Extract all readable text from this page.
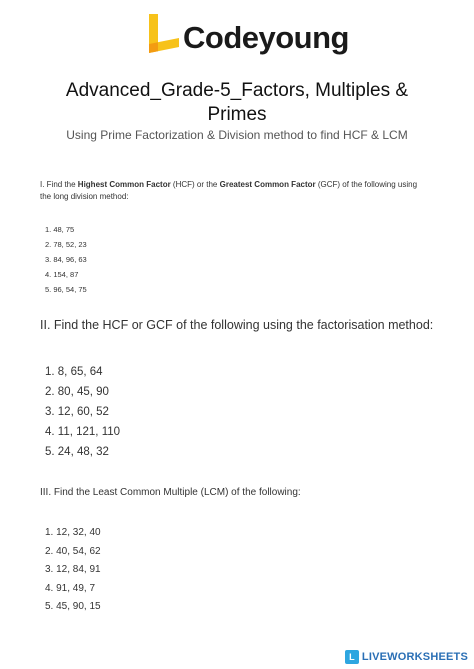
Codeyoung
Advanced_Grade-5_Factors, Multiples &
Primes
Using Prime Factorization & Division method to find HCF & LCM
I. Find the Highest Common Factor (HCF) or the Greatest Common Factor (GCF) of the following using
the long division method:
1. 48, 75
2. 78, 52, 23
3. 84, 96, 63
4. 154, 87
5. 96, 54, 75
II. Find the HCF or GCF of the following using the factorisation method:
1. 8, 65, 64
2. 80, 45, 90
3. 12, 60, 52
4. 11, 121, 110
5. 24, 48, 32
III. Find the Least Common Multiple (LCM) of the following:
1. 12, 32, 40
2. 40, 54, 62
3. 12, 84, 91
4. 91, 49, 7
5. 45, 90, 15
L LIVEWORKSHEETS
